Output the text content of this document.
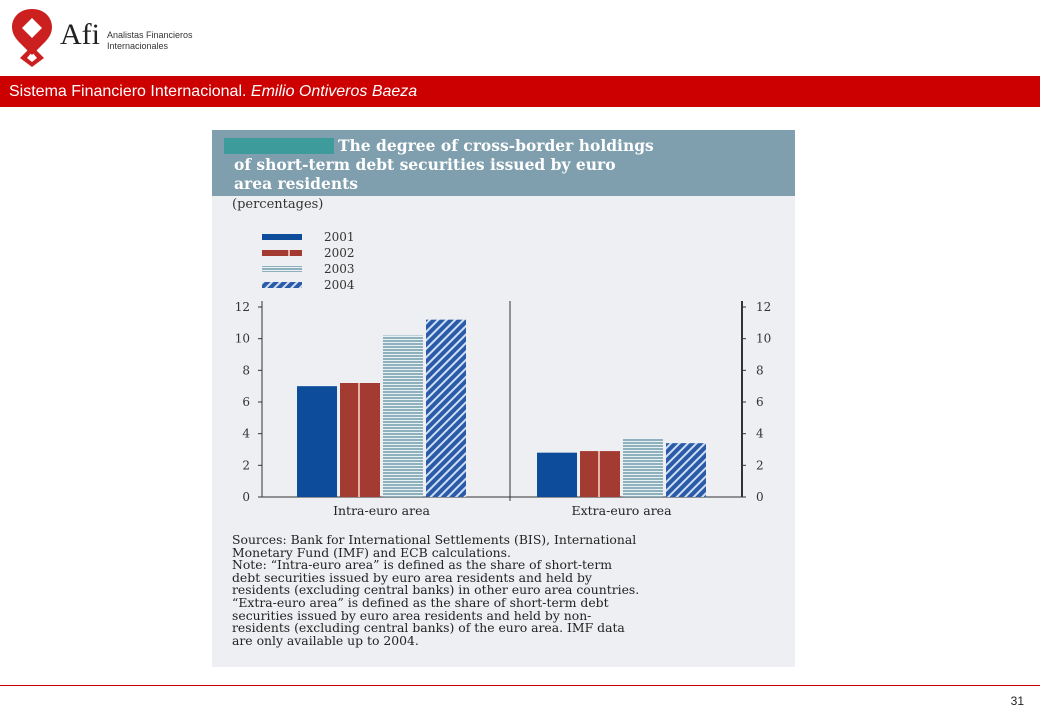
Afi Analistas Financieros
Internacionales
Sistema Financiero Internacional. Emilio Ontiveros Baeza
The degree of cross-border holdings
of short-term debt securities issued by euro
area residents
(percentages)
2001
2002
2003
2004
0	0
2	2
4	4
6	6
8	8
10	10
12	12
Intra-euro area	Extra-euro area

Sources: Bank for International Settlements (BIS), International

Monetary Fund (IMF) and ECB calculations.

Note: “Intra-euro area” is defined as the share of short-term

debt securities issued by euro area residents and held by

residents (excluding central banks) in other euro area countries.

“Extra-euro area” is defined as the share of short-term debt

securities issued by euro area residents and held by non-

residents (excluding central banks) of the euro area. IMF data

are only available up to 2004.

31
